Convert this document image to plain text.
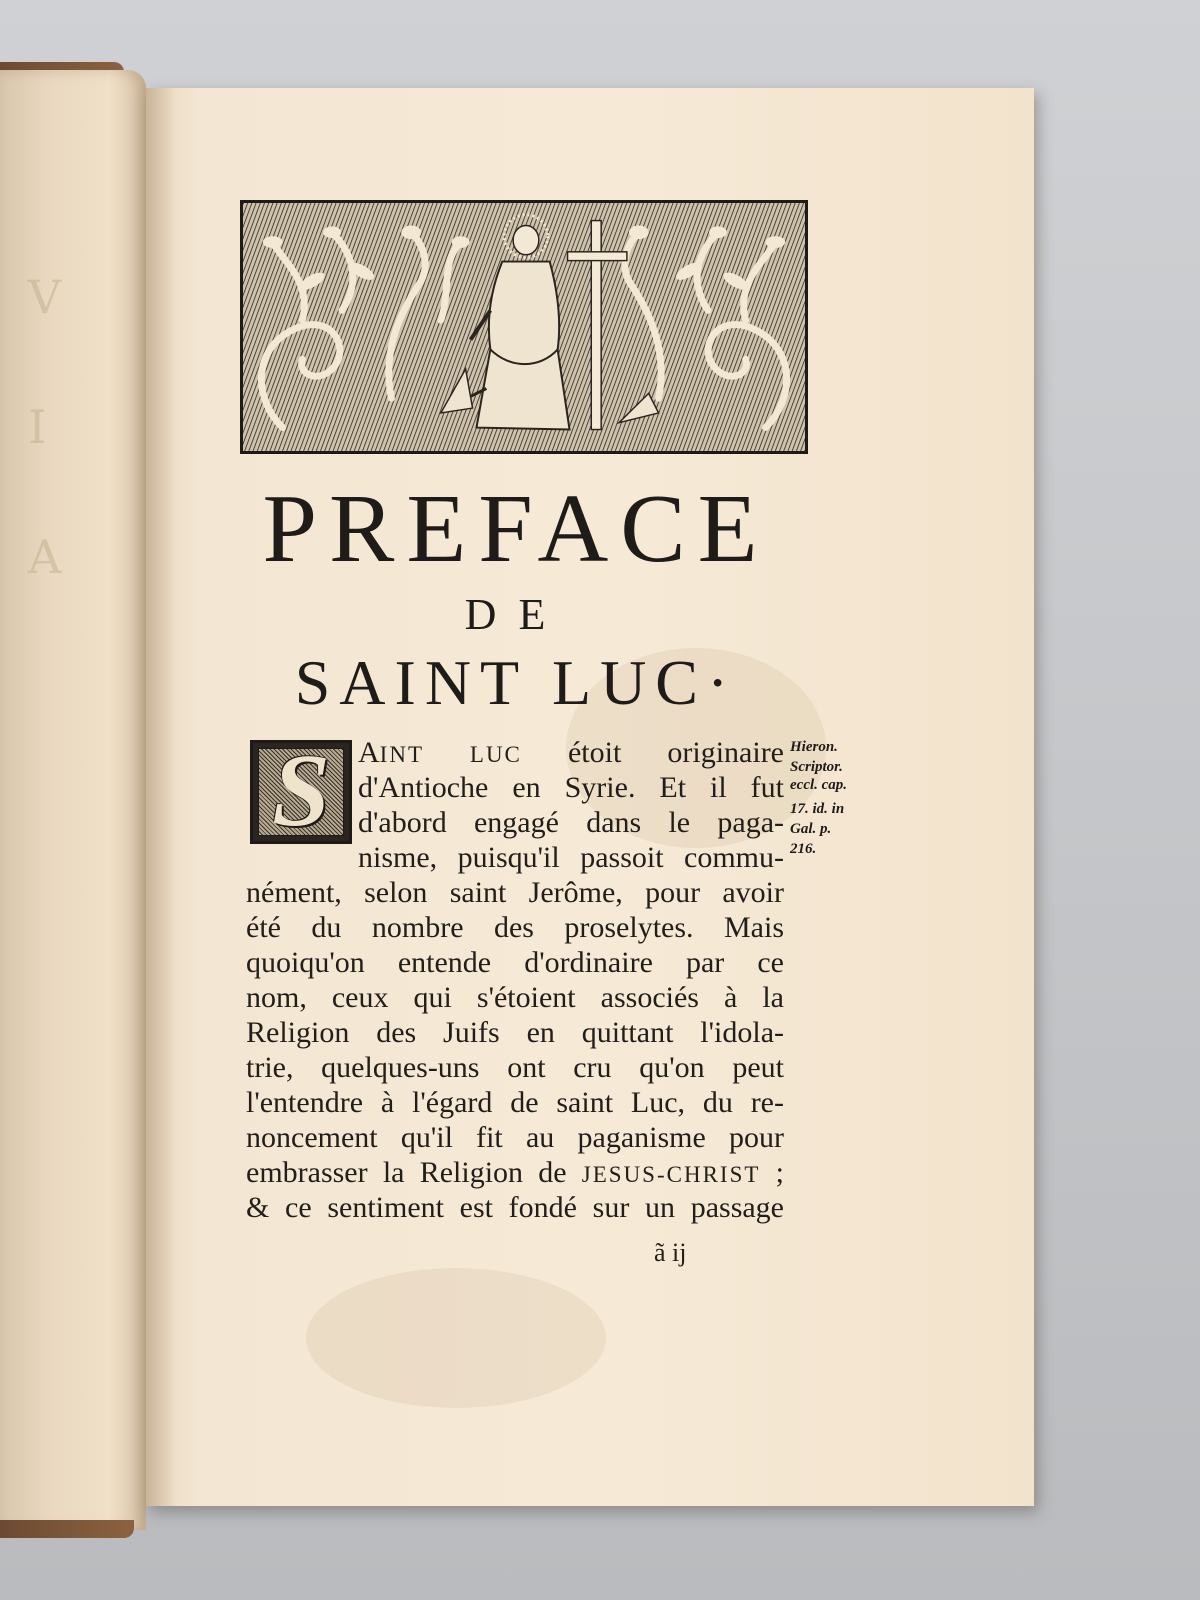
V
I
A	PREFACE
DE
SAINT LUC·
S AINT LUC étoit originaire
d'Antioche en Syrie. Et il fut
d'abord engagé dans le paga-
nisme, puisqu'il passoit commu-
nément, selon saint Jerôme, pour avoir
été du nombre des proselytes. Mais
quoiqu'on entende d'ordinaire par ce
nom, ceux qui s'étoient associés à la
Religion des Juifs en quittant l'idola-
trie, quelques-uns ont cru qu'on peut
l'entendre à l'égard de saint Luc, du re-
noncement qu'il fit au paganisme pour
embrasser la Religion de JESUS-CHRIST ;
& ce sentiment est fondé sur un passage
Hieron.
Scriptor.
eccl. cap.
17. id. in
Gal. p.
216.
ã ij
